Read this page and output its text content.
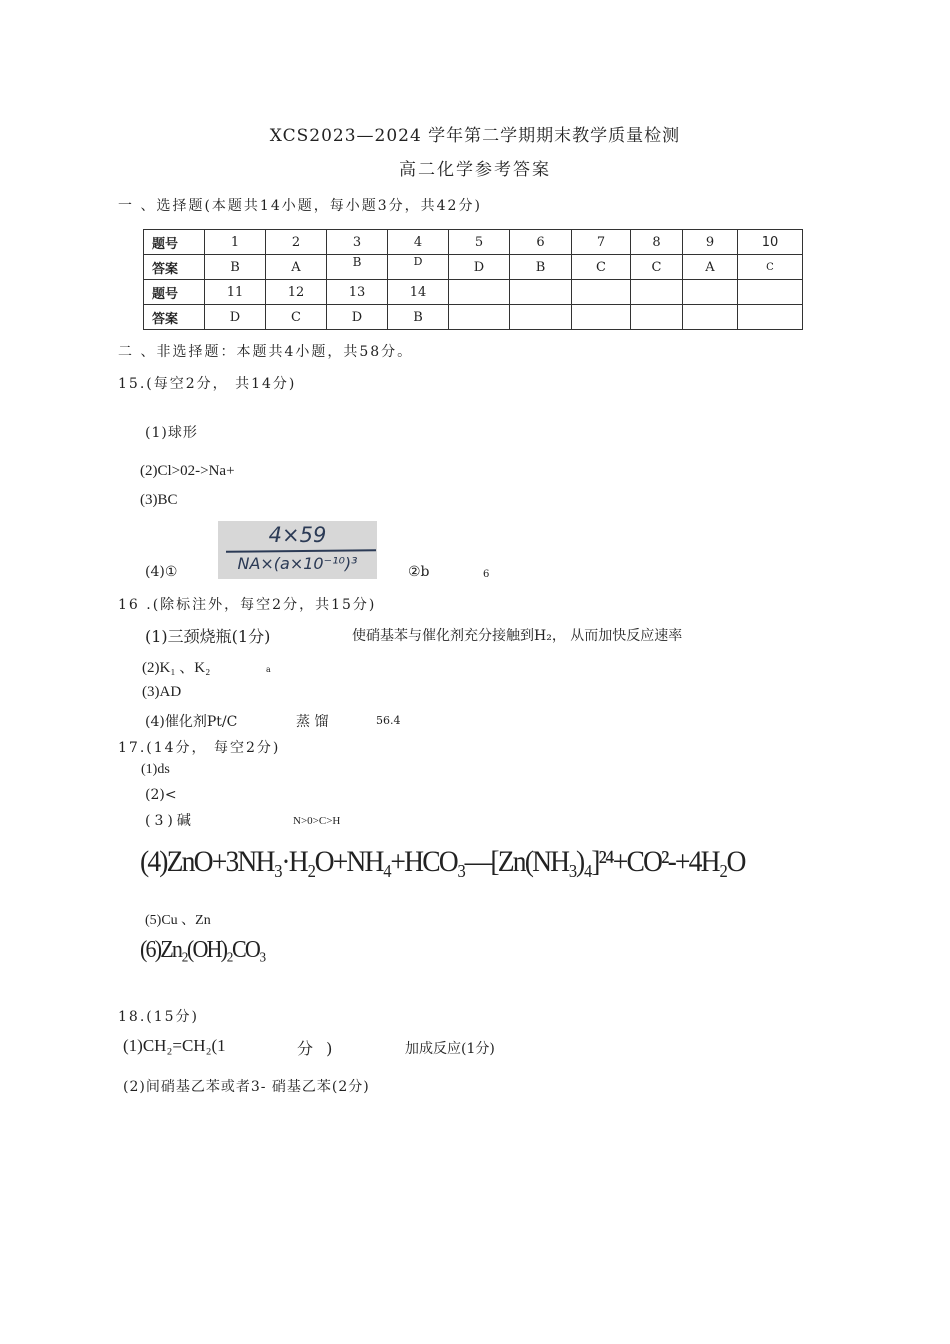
XCS2023—2024 学年第二学期期末教学质量检测
高二化学参考答案
一 、选择题(本题共14小题，每小题3分，共42分)
题号	1	2	3	4	5	6	7	8	9	10
答案	B	A	B	D	D	B	C	C	A	C
题号	11	12	13	14						
答案	D	C	D	B						
二 、非选择题：本题共4小题，共58分。
15.(每空2分， 共14分)
(1)球形
(2)Cl>02->Na+
(3)BC
4×59
NA×(a×10⁻¹⁰)³
(4)①	②b	6
16 .(除标注外，每空2分，共15分)
(1)三颈烧瓶(1分)	使硝基苯与催化剂充分接触到H₂， 从而加快反应速率
(2)K₁ 、K₂	a
(3)AD
(4)催化剂Pt/C	蒸 馏	56.4
17.(14分， 每空2分)
(1)ds
(2)<
(3)碱	N>0>C>H
(4)ZnO+3NH₃·H₂O+NH₄+HCO₃—[Zn(NH₃)₄]²⁴+CO²-+4H₂O
(5)Cu 、Zn
(6)Zn₂(OH)₂CO₃
18.(15分)
(1)CH₂=CH₂(1	分 )	加成反应(1分)
(2)间硝基乙苯或者3- 硝基乙苯(2分)
